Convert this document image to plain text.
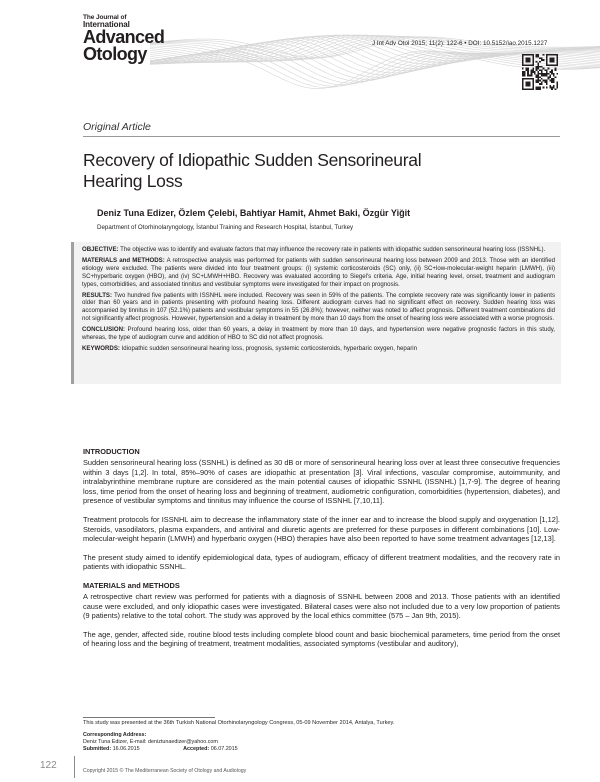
The Journal of
International
Advanced
Otology
J Int Adv Otol 2015; 11(2): 122-6 • DOI: 10.5152/iao.2015.1227
Original Article
Recovery of Idiopathic Sudden Sensorineural
Hearing Loss
Deniz Tuna Edizer, Özlem Çelebi, Bahtiyar Hamit, Ahmet Baki, Özgür Yiğit
Department of Otorhinolaryngology, İstanbul Training and Research Hospital, İstanbul, Turkey

OBJECTIVE: The objective was to identify and evaluate factors that may influence the recovery rate in patients with idiopathic sudden sensorineural hearing loss (ISSNHL).

MATERIALS and METHODS: A retrospective analysis was performed for patients with sudden sensorineural hearing loss between 2009 and 2013. Those with an identified etiology were excluded. The patients were divided into four treatment groups: (i) systemic corticosteroids (SC) only, (ii) SC+low-molecular-weight heparin (LMWH), (iii) SC+hyperbaric oxygen (HBO), and (iv) SC+LMWH+HBO. Recovery was evaluated according to Siegel's criteria. Age, initial hearing level, onset, treatment and audiogram types, comorbidities, and associated tinnitus and vestibular symptoms were investigated for their impact on prognosis.

RESULTS: Two hundred five patients with ISSNHL were included. Recovery was seen in 59% of the patients. The complete recovery rate was significantly lower in patients older than 60 years and in patients presenting with profound hearing loss. Different audiogram curves had no significant effect on recovery. Sudden hearing loss was accompanied by tinnitus in 107 (52.1%) patients and vestibular symptoms in 55 (26.8%); however, neither was noted to affect prognosis. Different treatment combinations did not significantly affect prognosis. However, hypertension and a delay in treatment by more than 10 days from the onset of hearing loss were associated with a worse prognosis.

CONCLUSION: Profound hearing loss, older than 60 years, a delay in treatment by more than 10 days, and hypertension were negative prognostic factors in this study, whereas, the type of audiogram curve and addition of HBO to SC did not affect prognosis.

KEYWORDS: Idiopathic sudden sensorineural hearing loss, prognosis, systemic corticosteroids, hyperbaric oxygen, heparin

INTRODUCTION

Sudden sensorineural hearing loss (SSNHL) is defined as 30 dB or more of sensorineural hearing loss over at least three consecutive frequencies within 3 days [1,2]. In total, 85%–90% of cases are idiopathic at presentation [3]. Viral infections, vascular compromise, autoimmunity, and intralabyrinthine membrane rupture are considered as the main potential causes of idiopathic SSNHL (ISSNHL) [1,7-9]. The degree of hearing loss, time period from the onset of hearing loss and beginning of treatment, audiometric configuration, comorbidities (hypertension, diabetes), and presence of vestibular symptoms and tinnitus may influence the course of ISSNHL [7,10,11].

Treatment protocols for ISSNHL aim to decrease the inflammatory state of the inner ear and to increase the blood supply and oxygenation [1,12]. Steroids, vasodilators, plasma expanders, and antiviral and diuretic agents are preferred for these purposes in different combinations [10]. Low-molecular-weight heparin (LMWH) and hyperbaric oxygen (HBO) therapies have also been reported to have some treatment advantages [12,13].

The present study aimed to identify epidemiological data, types of audiogram, efficacy of different treatment modalities, and the recovery rate in patients with idiopathic SSNHL.

MATERIALS and METHODS

A retrospective chart review was performed for patients with a diagnosis of SSNHL between 2008 and 2013. Those patients with an identified cause were excluded, and only idiopathic cases were investigated. Bilateral cases were also not included due to a very low proportion of patients (9 patients) relative to the total cohort. The study was approved by the local ethics committee (575 – Jan 9th, 2015).

The age, gender, affected side, routine blood tests including complete blood count and basic biochemical parameters, time period from the onset of hearing loss and the begining of treatment, treatment modalities, associated symptoms (vestibular and auditory),

This study was presented at the 36th Turkish National Otorhinolaryngology Congress, 05-09 November 2014, Antalya, Turkey.
Corresponding Address:
Deniz Tuna Edizer, E-mail: deniztunaedizer@yahoo.com
Submitted: 16.06.2015	Accepted: 06.07.2015
122	Copyright 2015 © The Mediterranean Society of Otology and Audiology
